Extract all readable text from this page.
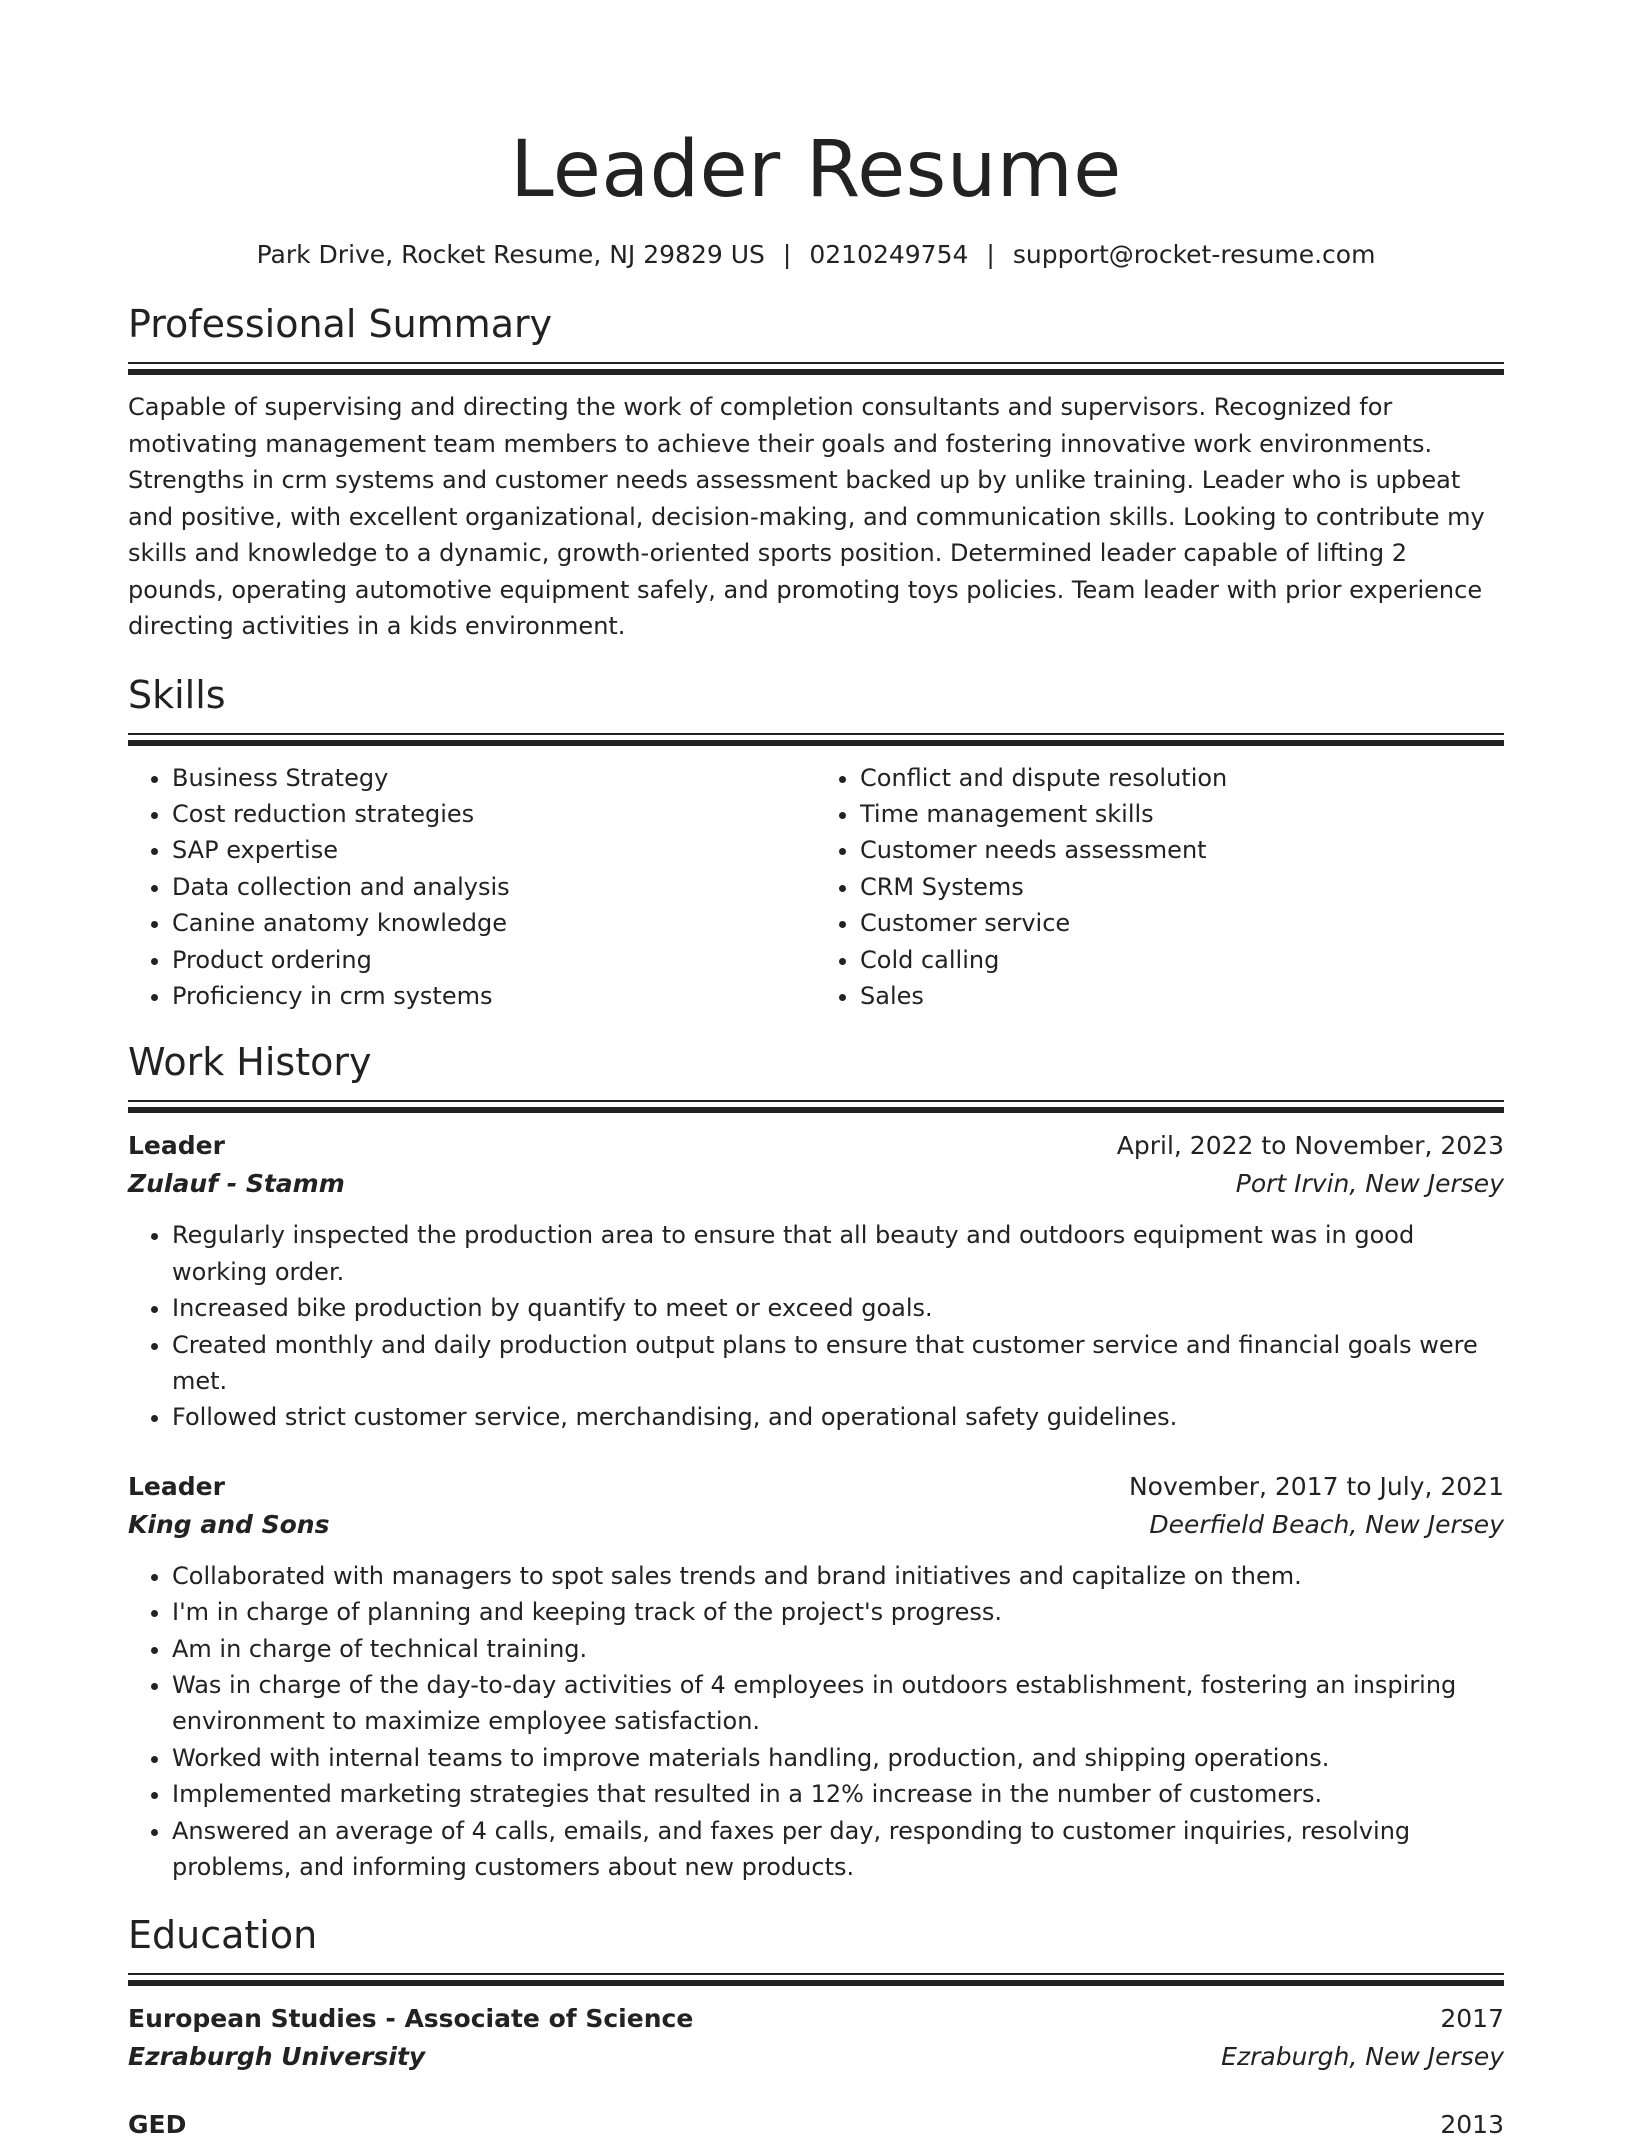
Leader Resume
Park Drive, Rocket Resume, NJ 29829 US | 0210249754 | support@rocket-resume.com
Professional Summary

Capable of supervising and directing the work of completion consultants and supervisors. Recognized for motivating management team members to achieve their goals and fostering innovative work environments. Strengths in crm systems and customer needs assessment backed up by unlike training. Leader who is upbeat and positive, with excellent organizational, decision-making, and communication skills. Looking to contribute my skills and knowledge to a dynamic, growth-oriented sports position. Determined leader capable of lifting 2 pounds, operating automotive equipment safely, and promoting toys policies. Team leader with prior experience directing activities in a kids environment.

Skills
• Business Strategy
• Cost reduction strategies
• SAP expertise
• Data collection and analysis
• Canine anatomy knowledge
• Product ordering
• Proficiency in crm systems
• Conflict and dispute resolution
• Time management skills
• Customer needs assessment
• CRM Systems
• Customer service
• Cold calling
• Sales
Work History
Leader	April, 2022 to November, 2023
Zulauf - Stamm	Port Irvin, New Jersey
• Regularly inspected the production area to ensure that all beauty and outdoors equipment was in good working order.
• Increased bike production by quantify to meet or exceed goals.
• Created monthly and daily production output plans to ensure that customer service and financial goals were met.
• Followed strict customer service, merchandising, and operational safety guidelines.
Leader	November, 2017 to July, 2021
King and Sons	Deerfield Beach, New Jersey
• Collaborated with managers to spot sales trends and brand initiatives and capitalize on them.
• I'm in charge of planning and keeping track of the project's progress.
• Am in charge of technical training.
• Was in charge of the day-to-day activities of 4 employees in outdoors establishment, fostering an inspiring environment to maximize employee satisfaction.
• Worked with internal teams to improve materials handling, production, and shipping operations.
• Implemented marketing strategies that resulted in a 12% increase in the number of customers.
• Answered an average of 4 calls, emails, and faxes per day, responding to customer inquiries, resolving problems, and informing customers about new products.
Education
European Studies - Associate of Science	2017
Ezraburgh University	Ezraburgh, New Jersey
GED	2013
